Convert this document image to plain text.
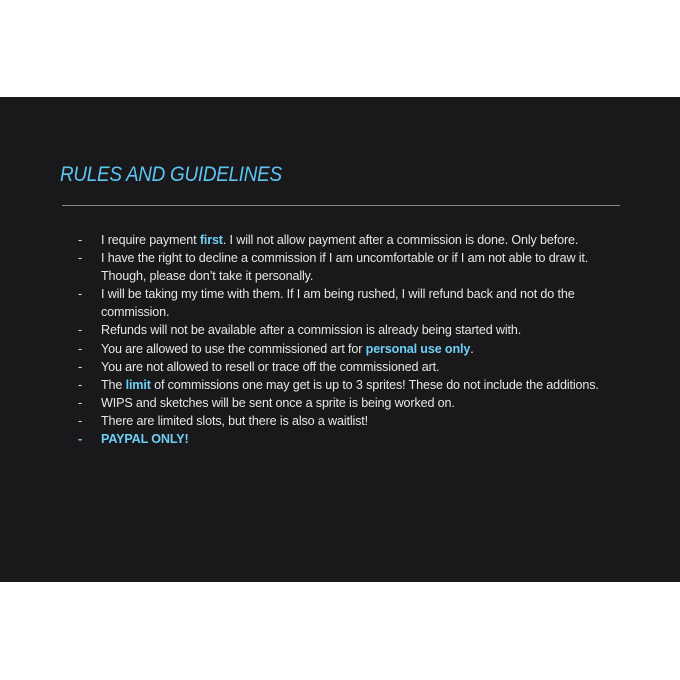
RULES AND GUIDELINES
- I require payment first. I will not allow payment after a commission is done. Only before.
- I have the right to decline a commission if I am uncomfortable or if I am not able to draw it. Though, please don’t take it personally.
- I will be taking my time with them. If I am being rushed, I will refund back and not do the commission.
- Refunds will not be available after a commission is already being started with.
- You are allowed to use the commissioned art for personal use only.
- You are not allowed to resell or trace off the commissioned art.
- The limit of commissions one may get is up to 3 sprites! These do not include the additions.
- WIPS and sketches will be sent once a sprite is being worked on.
- There are limited slots, but there is also a waitlist!
- PAYPAL ONLY!
